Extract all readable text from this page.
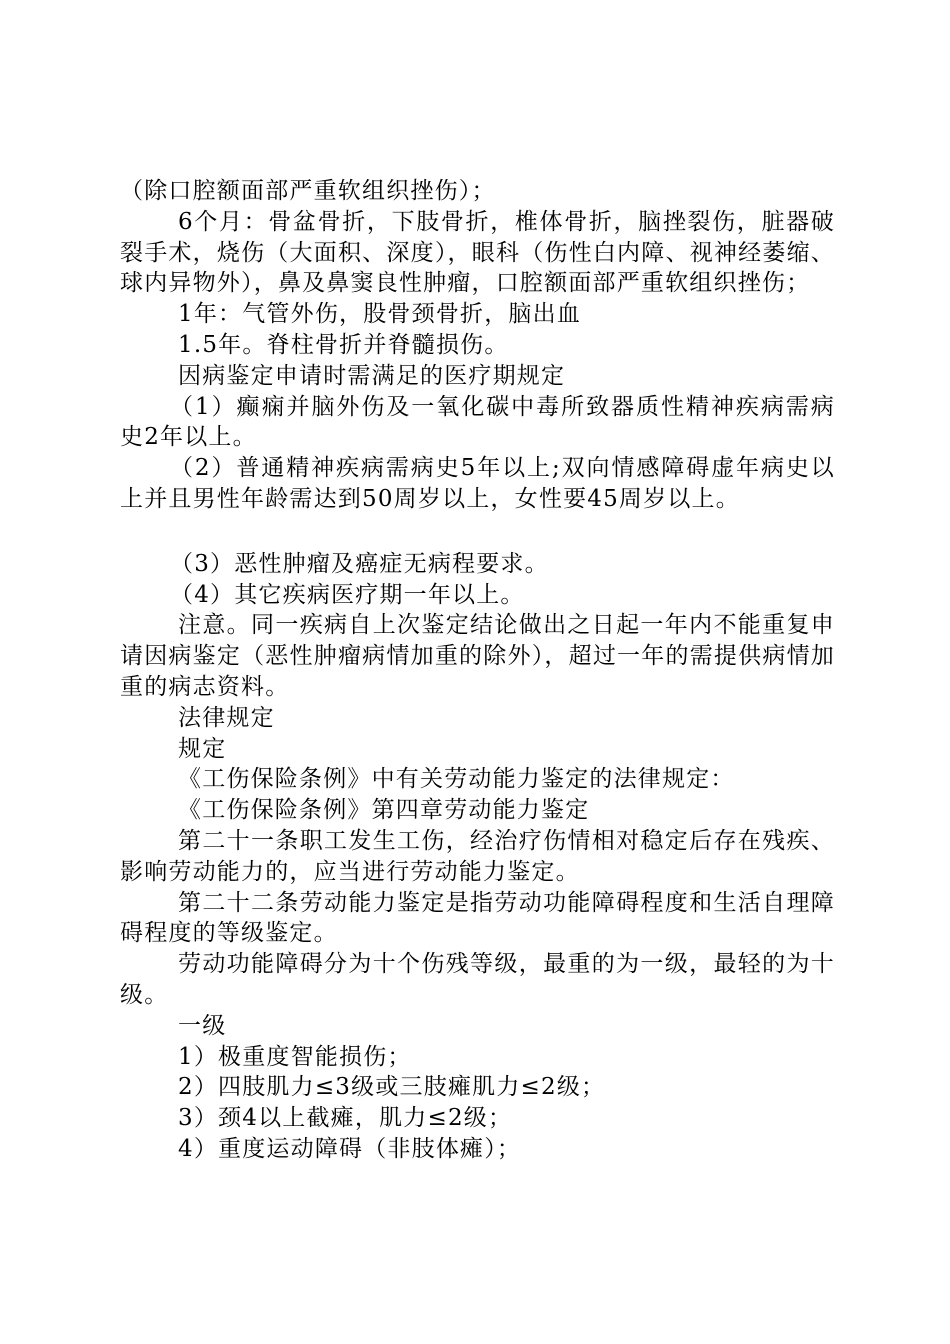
（除口腔额面部严重软组织挫伤）；

6个月：骨盆骨折，下肢骨折，椎体骨折，脑挫裂伤，脏器破裂手术，烧伤（大面积、深度），眼科（伤性白内障、视神经萎缩、球内异物外），鼻及鼻窦良性肿瘤，口腔额面部严重软组织挫伤；

1年：气管外伤，股骨颈骨折，脑出血

1.5年。脊柱骨折并脊髓损伤。

因病鉴定申请时需满足的医疗期规定

（1）癫痫并脑外伤及一氧化碳中毒所致器质性精神疾病需病史2年以上。

（2）普通精神疾病需病史5年以上;双向情感障碍虚年病史以上并且男性年龄需达到50周岁以上，女性要45周岁以上。

（3）恶性肿瘤及癌症无病程要求。

（4）其它疾病医疗期一年以上。

注意。同一疾病自上次鉴定结论做出之日起一年内不能重复申请因病鉴定（恶性肿瘤病情加重的除外），超过一年的需提供病情加重的病志资料。

法律规定

规定

《工伤保险条例》中有关劳动能力鉴定的法律规定：

《工伤保险条例》第四章劳动能力鉴定

第二十一条职工发生工伤，经治疗伤情相对稳定后存在残疾、影响劳动能力的，应当进行劳动能力鉴定。

第二十二条劳动能力鉴定是指劳动功能障碍程度和生活自理障碍程度的等级鉴定。

劳动功能障碍分为十个伤残等级，最重的为一级，最轻的为十级。

一级

1）极重度智能损伤；

2）四肢肌力≤3级或三肢瘫肌力≤2级；

3）颈4以上截瘫，肌力≤2级；

4）重度运动障碍（非肢体瘫）；
